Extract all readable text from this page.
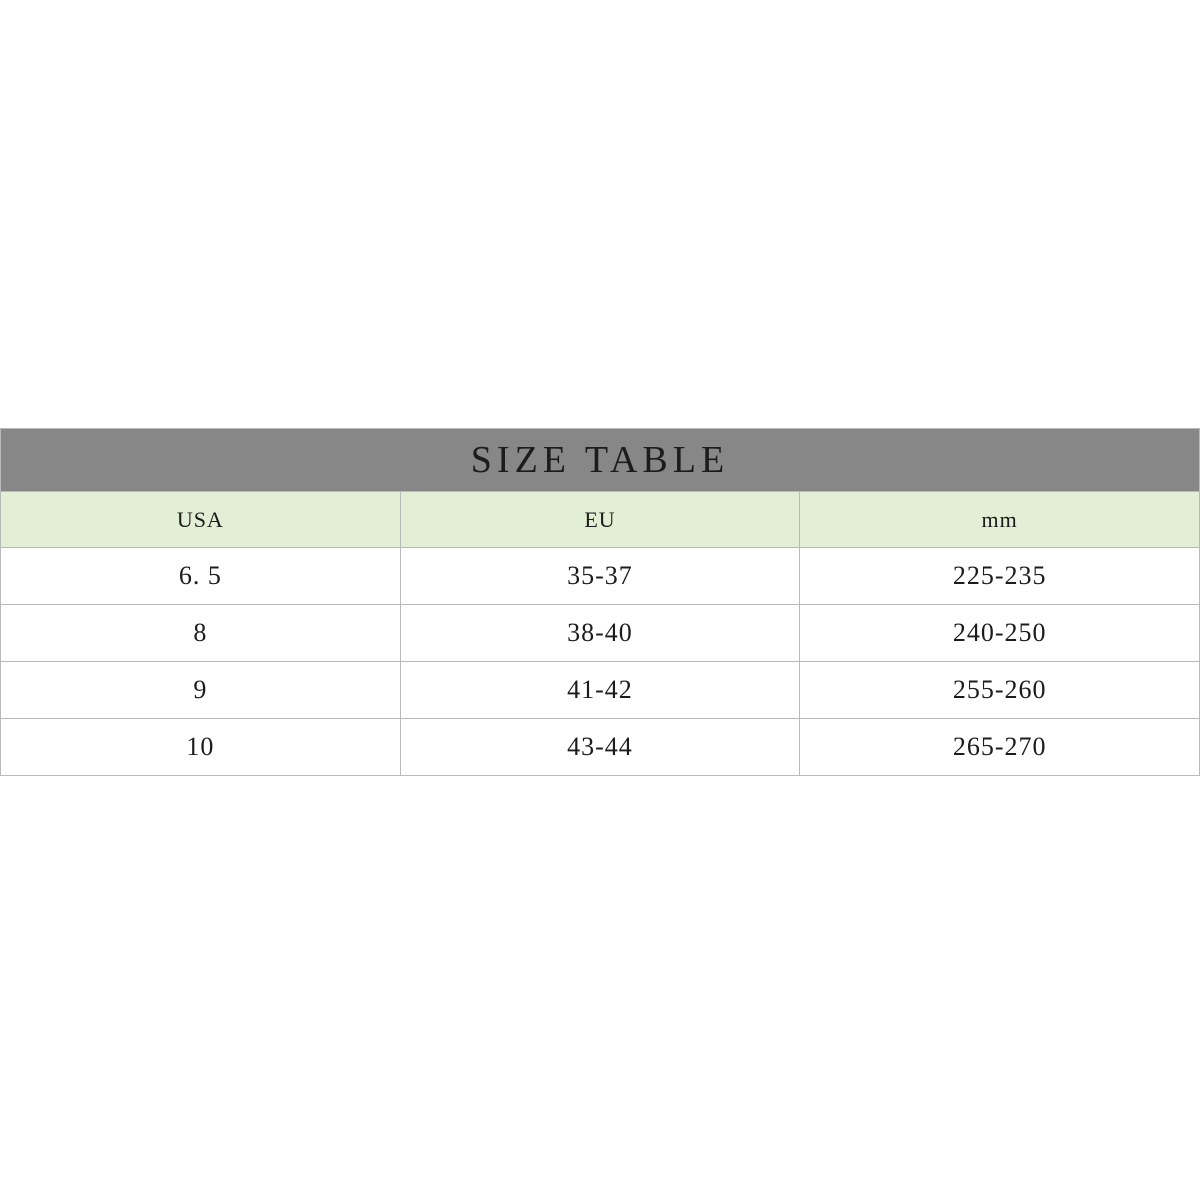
SIZE TABLE		
USA	EU	mm
6. 5	35-37	225-235
8	38-40	240-250
9	41-42	255-260
10	43-44	265-270
